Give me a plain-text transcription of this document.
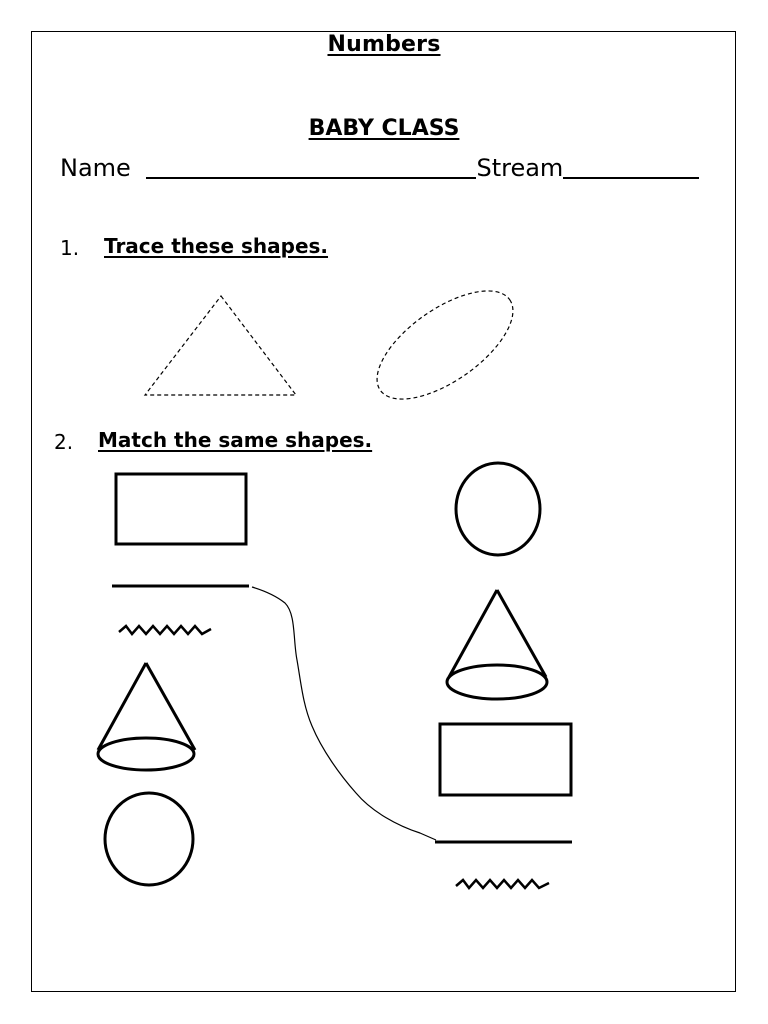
Numbers
BABY CLASS
Name	Stream
1. Trace these shapes.
2. Match the same shapes.
